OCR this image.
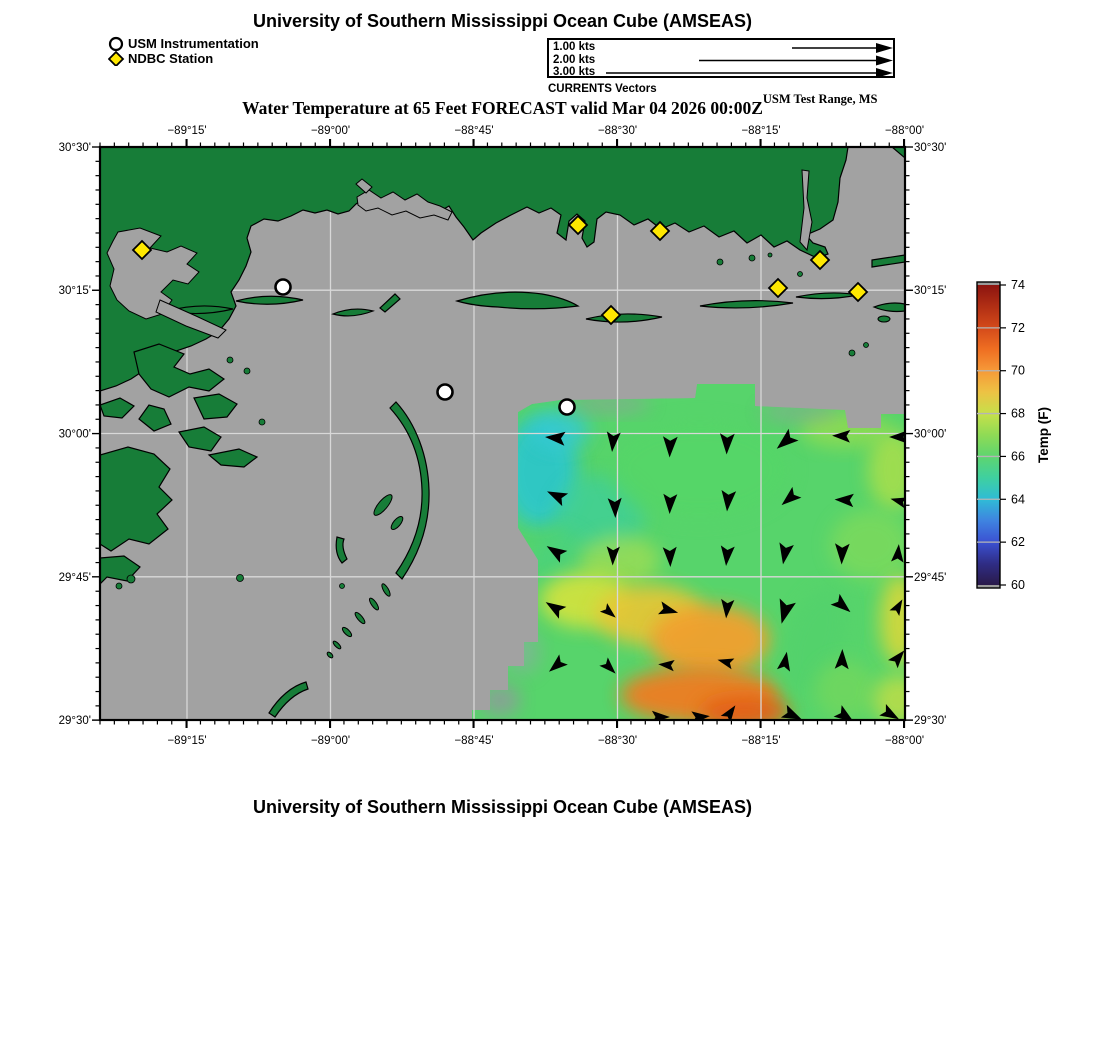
University of Southern Mississippi Ocean Cube (AMSEAS)
USM Instrumentation
NDBC Station
1.00 kts
2.00 kts
3.00 kts
CURRENTS Vectors
Water Temperature at 65 Feet FORECAST valid Mar 04 2026 00:00Z USM Test Range, MS
−89°15'
−89°15'
−89°00'
−89°00'
−88°45'
−88°45'
−88°30'
−88°30'
−88°15'
−88°15'
−88°00'
−88°00'
30°30'	30°30'
30°15'	30°15'
30°00'	30°00'
29°45'	29°45'
29°30'	29°30'
60
62
64
66
68
70
72
74
Temp (F)
University of Southern Mississippi Ocean Cube (AMSEAS)
